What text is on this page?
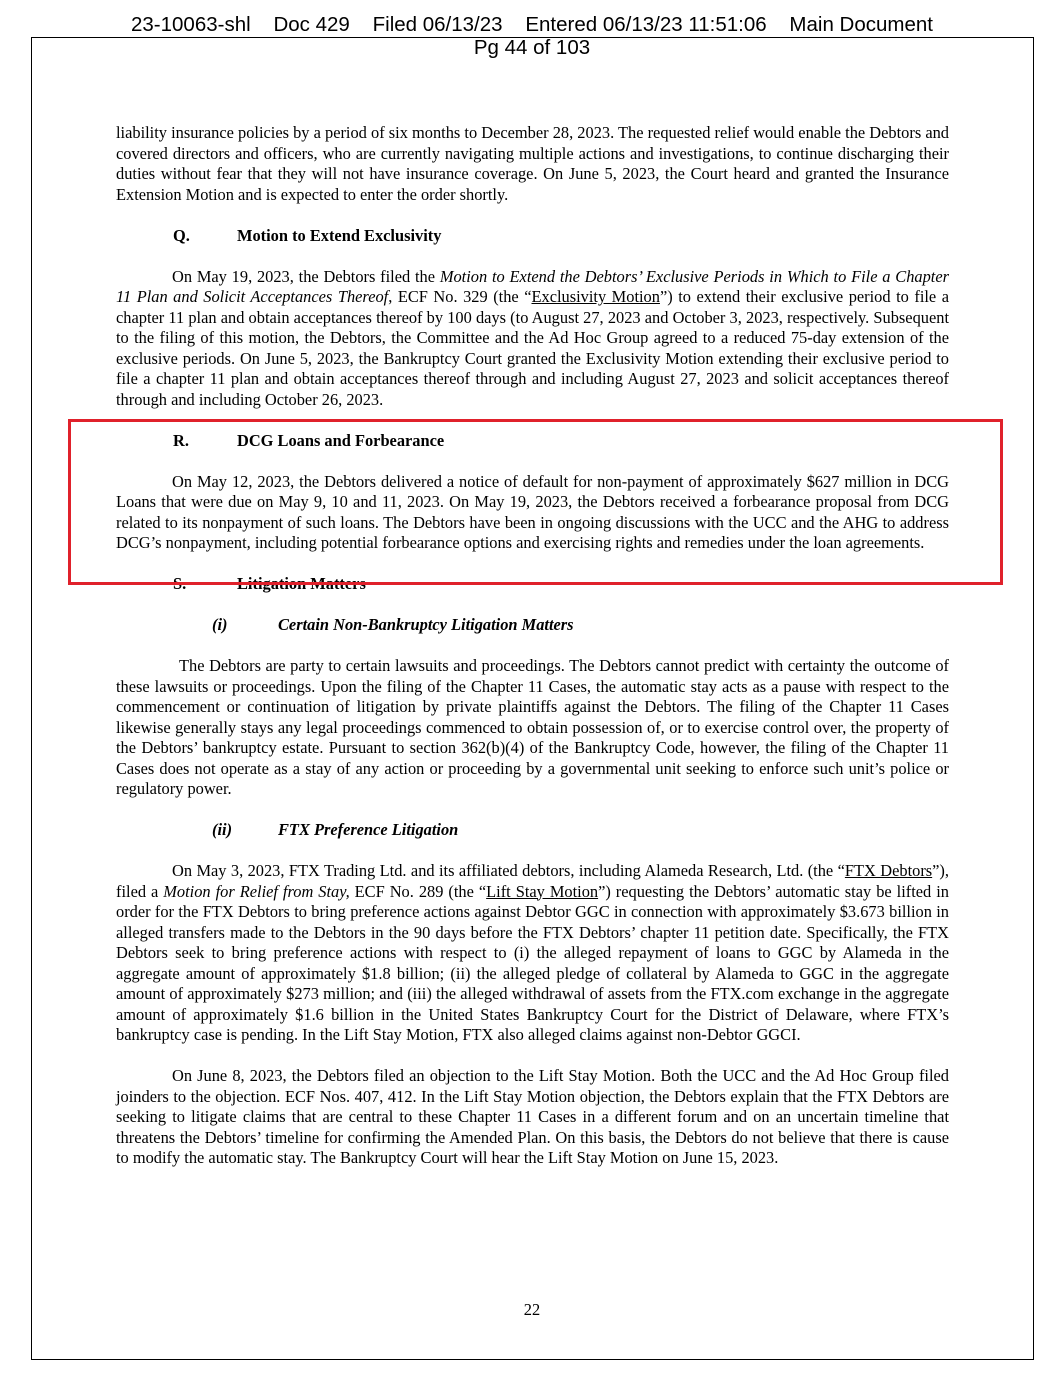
23-10063-shl Doc 429 Filed 06/13/23 Entered 06/13/23 11:51:06 Main Document
Pg 44 of 103

liability insurance policies by a period of six months to December 28, 2023. The requested relief would enable the Debtors and covered directors and officers, who are currently navigating multiple actions and investigations, to continue discharging their duties without fear that they will not have insurance coverage. On June 5, 2023, the Court heard and granted the Insurance Extension Motion and is expected to enter the order shortly.

Q.	Motion to Extend Exclusivity

On May 19, 2023, the Debtors filed the Motion to Extend the Debtors’ Exclusive Periods in Which to File a Chapter 11 Plan and Solicit Acceptances Thereof, ECF No. 329 (the “Exclusivity Motion”) to extend their exclusive period to file a chapter 11 plan and obtain acceptances thereof by 100 days (to August 27, 2023 and October 3, 2023, respectively. Subsequent to the filing of this motion, the Debtors, the Committee and the Ad Hoc Group agreed to a reduced 75-day extension of the exclusive periods. On June 5, 2023, the Bankruptcy Court granted the Exclusivity Motion extending their exclusive period to file a chapter 11 plan and obtain acceptances thereof through and including August 27, 2023 and solicit acceptances thereof through and including October 26, 2023.

R.	DCG Loans and Forbearance

On May 12, 2023, the Debtors delivered a notice of default for non-payment of approximately $627 million in DCG Loans that were due on May 9, 10 and 11, 2023. On May 19, 2023, the Debtors received a forbearance proposal from DCG related to its nonpayment of such loans. The Debtors have been in ongoing discussions with the UCC and the AHG to address DCG’s nonpayment, including potential forbearance options and exercising rights and remedies under the loan agreements.

S.	Litigation Matters
(i)	Certain Non-Bankruptcy Litigation Matters

The Debtors are party to certain lawsuits and proceedings. The Debtors cannot predict with certainty the outcome of these lawsuits or proceedings. Upon the filing of the Chapter 11 Cases, the automatic stay acts as a pause with respect to the commencement or continuation of litigation by private plaintiffs against the Debtors. The filing of the Chapter 11 Cases likewise generally stays any legal proceedings commenced to obtain possession of, or to exercise control over, the property of the Debtors’ bankruptcy estate. Pursuant to section 362(b)(4) of the Bankruptcy Code, however, the filing of the Chapter 11 Cases does not operate as a stay of any action or proceeding by a governmental unit seeking to enforce such unit’s police or regulatory power.

(ii)	FTX Preference Litigation

On May 3, 2023, FTX Trading Ltd. and its affiliated debtors, including Alameda Research, Ltd. (the “FTX Debtors”), filed a Motion for Relief from Stay, ECF No. 289 (the “Lift Stay Motion”) requesting the Debtors’ automatic stay be lifted in order for the FTX Debtors to bring preference actions against Debtor GGC in connection with approximately $3.673 billion in alleged transfers made to the Debtors in the 90 days before the FTX Debtors’ chapter 11 petition date. Specifically, the FTX Debtors seek to bring preference actions with respect to (i) the alleged repayment of loans to GGC by Alameda in the aggregate amount of approximately $1.8 billion; (ii) the alleged pledge of collateral by Alameda to GGC in the aggregate amount of approximately $273 million; and (iii) the alleged withdrawal of assets from the FTX.com exchange in the aggregate amount of approximately $1.6 billion in the United States Bankruptcy Court for the District of Delaware, where FTX’s bankruptcy case is pending. In the Lift Stay Motion, FTX also alleged claims against non-Debtor GGCI.

On June 8, 2023, the Debtors filed an objection to the Lift Stay Motion. Both the UCC and the Ad Hoc Group filed joinders to the objection. ECF Nos. 407, 412. In the Lift Stay Motion objection, the Debtors explain that the FTX Debtors are seeking to litigate claims that are central to these Chapter 11 Cases in a different forum and on an uncertain timeline that threatens the Debtors’ timeline for confirming the Amended Plan. On this basis, the Debtors do not believe that there is cause to modify the automatic stay. The Bankruptcy Court will hear the Lift Stay Motion on June 15, 2023.

22
